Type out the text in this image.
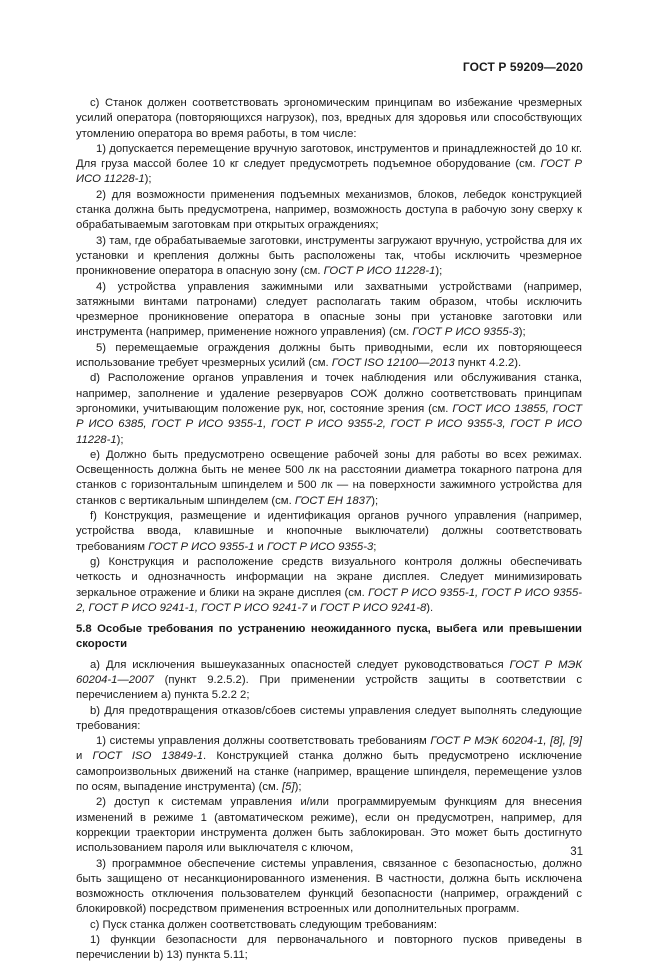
ГОСТ Р 59209—2020

c) Станок должен соответствовать эргономическим принципам во избежание чрезмерных усилий оператора (повторяющихся нагрузок), поз, вредных для здоровья или способствующих утомлению оператора во время работы, в том числе:

1) допускается перемещение вручную заготовок, инструментов и принадлежностей до 10 кг. Для груза массой более 10 кг следует предусмотреть подъемное оборудование (см. ГОСТ Р ИСО 11228-1);

2) для возможности применения подъемных механизмов, блоков, лебедок конструкцией станка должна быть предусмотрена, например, возможность доступа в рабочую зону сверху к обрабатываемым заготовкам при открытых ограждениях;

3) там, где обрабатываемые заготовки, инструменты загружают вручную, устройства для их установки и крепления должны быть расположены так, чтобы исключить чрезмерное проникновение оператора в опасную зону (см. ГОСТ Р ИСО 11228-1);

4) устройства управления зажимными или захватными устройствами (например, затяжными винтами патронами) следует располагать таким образом, чтобы исключить чрезмерное проникновение оператора в опасные зоны при установке заготовки или инструмента (например, применение ножного управления) (см. ГОСТ Р ИСО 9355-3);

5) перемещаемые ограждения должны быть приводными, если их повторяющееся использование требует чрезмерных усилий (см. ГОСТ ISO 12100—2013 пункт 4.2.2).

d) Расположение органов управления и точек наблюдения или обслуживания станка, например, заполнение и удаление резервуаров СОЖ должно соответствовать принципам эргономики, учитывающим положение рук, ног, состояние зрения (см. ГОСТ ИСО 13855, ГОСТ Р ИСО 6385, ГОСТ Р ИСО 9355-1, ГОСТ Р ИСО 9355-2, ГОСТ Р ИСО 9355-3, ГОСТ Р ИСО 11228-1);

е) Должно быть предусмотрено освещение рабочей зоны для работы во всех режимах. Освещенность должна быть не менее 500 лк на расстоянии диаметра токарного патрона для станков с горизонтальным шпинделем и 500 лк — на поверхности зажимного устройства для станков с вертикальным шпинделем (см. ГОСТ ЕН 1837);

f) Конструкция, размещение и идентификация органов ручного управления (например, устройства ввода, клавишные и кнопочные выключатели) должны соответствовать требованиям ГОСТ Р ИСО 9355-1 и ГОСТ Р ИСО 9355-3;

g) Конструкция и расположение средств визуального контроля должны обеспечивать четкость и однозначность информации на экране дисплея. Следует минимизировать зеркальное отражение и блики на экране дисплея (см. ГОСТ Р ИСО 9355-1, ГОСТ Р ИСО 9355-2, ГОСТ Р ИСО 9241-1, ГОСТ Р ИСО 9241-7 и ГОСТ Р ИСО 9241-8).

5.8 Особые требования по устранению неожиданного пуска, выбега или превышении скорости

а) Для исключения вышеуказанных опасностей следует руководствоваться ГОСТ Р МЭК 60204-1—2007 (пункт 9.2.5.2). При применении устройств защиты в соответствии с перечислением а) пункта 5.2.2 2;

b) Для предотвращения отказов/сбоев системы управления следует выполнять следующие требования:

1) системы управления должны соответствовать требованиям ГОСТ Р МЭК 60204-1, [8], [9] и ГОСТ ISO 13849-1. Конструкцией станка должно быть предусмотрено исключение самопроизвольных движений на станке (например, вращение шпинделя, перемещение узлов по осям, выпадение инструмента) (см. [5]);

2) доступ к системам управления и/или программируемым функциям для внесения изменений в режиме 1 (автоматическом режиме), если он предусмотрен, например, для коррекции траектории инструмента должен быть заблокирован. Это может быть достигнуто использованием пароля или выключателя с ключом,

3) программное обеспечение системы управления, связанное с безопасностью, должно быть защищено от несанкционированного изменения. В частности, должна быть исключена возможность отключения пользователем функций безопасности (например, ограждений с блокировкой) посредством применения встроенных или дополнительных программ.

с) Пуск станка должен соответствовать следующим требованиям:

1) функции безопасности для первоначального и повторного пусков приведены в перечислении b) 13) пункта 5.11;

31
